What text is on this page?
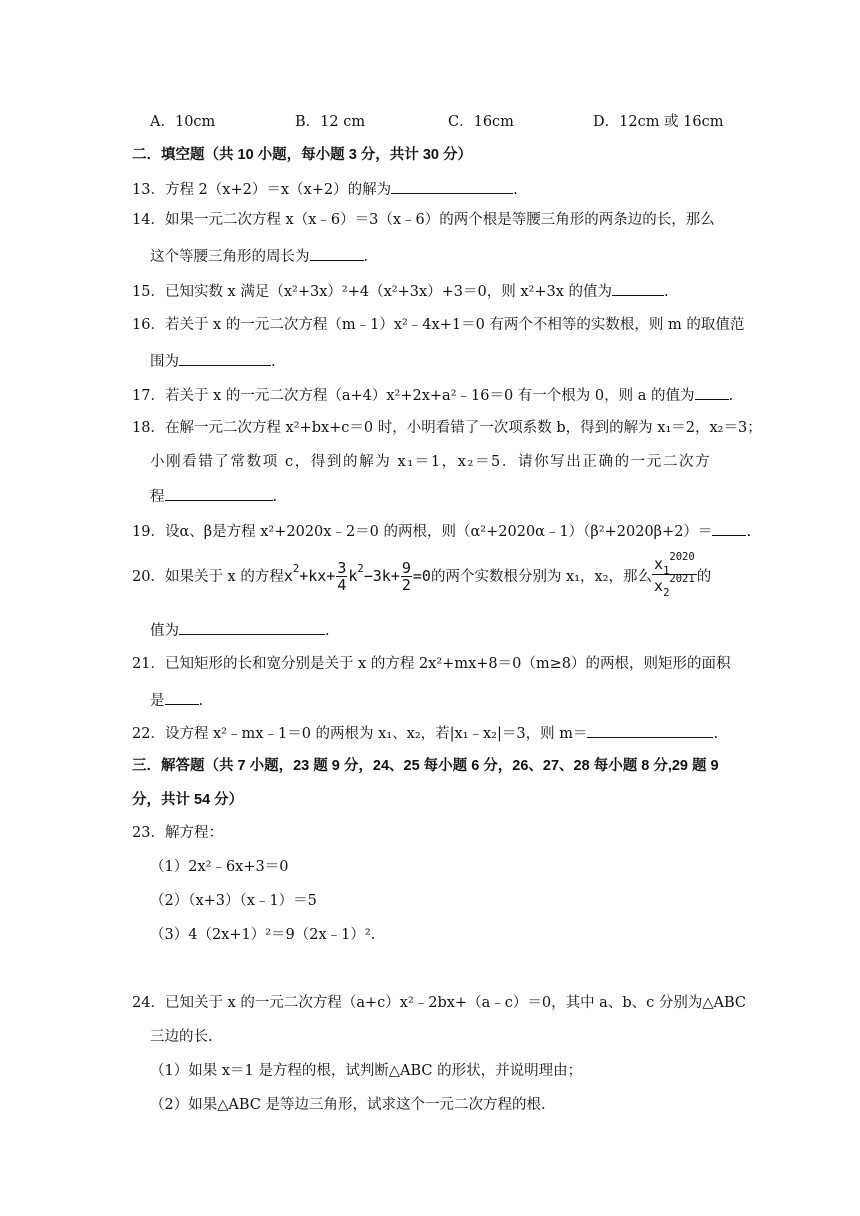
A．10cm	B．12 cm	C．16cm	D．12cm 或 16cm
二．填空题（共 10 小题，每小题 3 分，共计 30 分）
13．方程 2（x+2）＝x（x+2）的解为	.
14．如果一元二次方程 x（x﹣6）＝3（x﹣6）的两个根是等腰三角形的两条边的长，那么
这个等腰三角形的周长为	.
15．已知实数 x 满足（x²+3x）²+4（x²+3x）+3＝0，则 x²+3x 的值为	.
16．若关于 x 的一元二次方程（m﹣1）x²﹣4x+1＝0 有两个不相等的实数根，则 m 的取值范
围为	.
17．若关于 x 的一元二次方程（a+4）x²+2x+a²﹣16＝0 有一个根为 0，则 a 的值为 .
18．在解一元二次方程 x²+bx+c＝0 时，小明看错了一次项系数 b，得到的解为 x₁＝2，x₂＝3；
小刚看错了常数项 c，得到的解为 x₁＝1，x₂＝5．请你写出正确的一元二次方
程	.
19．设α、β是方程 x²+2020x﹣2＝0 的两根，则（α²+2020α﹣1）（β²+2020β+2）＝ .
20．如果关于 x 的方程$x^2+kx+ \frac{3}{4} k^2-3k+ \frac{9}{2} =0$的两个实数根分别为 x₁，x₂，那么 $\frac{x_1^{2020}}{x_2^{2021}}$ 的
值为	.
21．已知矩形的长和宽分别是关于 x 的方程 2x²+mx+8＝0（m≥8）的两根，则矩形的面积
是 .
22．设方程 x²﹣mx﹣1＝0 的两根为 x₁、x₂，若|x₁﹣x₂|＝3，则 m＝	.
三．解答题（共 7 小题，23 题 9 分，24、25 每小题 6 分，26、27、28 每小题 8 分,29 题 9
分，共计 54 分）
23．解方程：
（1）2x²﹣6x+3＝0
（2）（x+3）（x﹣1）＝5
（3）4（2x+1）²＝9（2x﹣1）².
24．已知关于 x 的一元二次方程（a+c）x²﹣2bx+（a﹣c）＝0，其中 a、b、c 分别为△ABC
三边的长.
（1）如果 x＝1 是方程的根，试判断△ABC 的形状，并说明理由；
（2）如果△ABC 是等边三角形，试求这个一元二次方程的根.
